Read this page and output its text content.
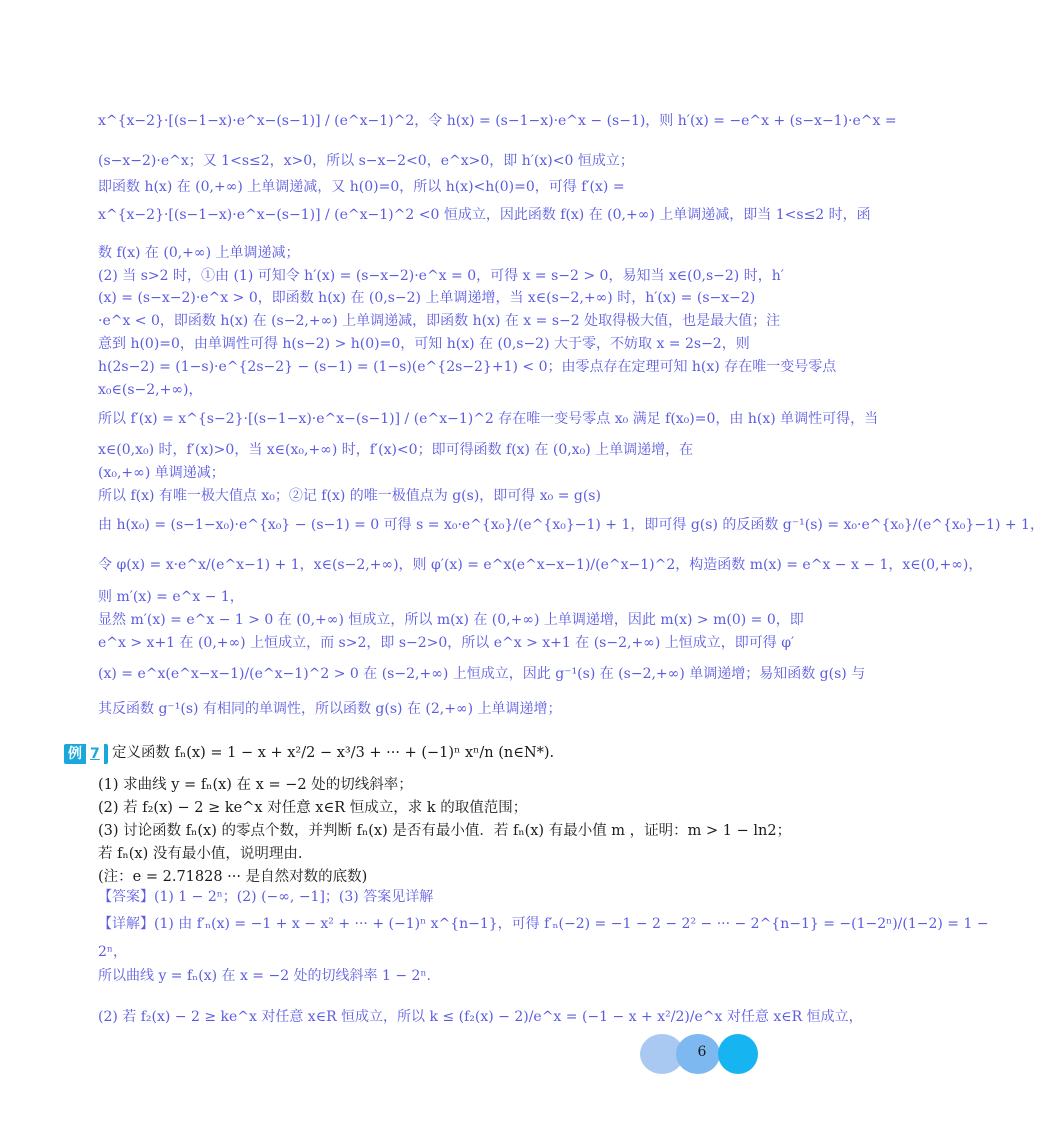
x^{x−2}·[(s−1−x)·e^x−(s−1)] / (e^x−1)^2，令 h(x) = (s−1−x)·e^x − (s−1)，则 h′(x) = −e^x + (s−x−1)·e^x =
(s−x−2)·e^x；又 1<s≤2，x>0，所以 s−x−2<0，e^x>0，即 h′(x)<0 恒成立；
即函数 h(x) 在 (0,+∞) 上单调递减，又 h(0)=0，所以 h(x)<h(0)=0，可得 f′(x) =
x^{x−2}·[(s−1−x)·e^x−(s−1)] / (e^x−1)^2 <0 恒成立，因此函数 f(x) 在 (0,+∞) 上单调递减，即当 1<s≤2 时，函
数 f(x) 在 (0,+∞) 上单调递减；
(2) 当 s>2 时，①由 (1) 可知令 h′(x) = (s−x−2)·e^x = 0，可得 x = s−2 > 0，易知当 x∈(0,s−2) 时，h′
(x) = (s−x−2)·e^x > 0，即函数 h(x) 在 (0,s−2) 上单调递增，当 x∈(s−2,+∞) 时，h′(x) = (s−x−2)
·e^x < 0，即函数 h(x) 在 (s−2,+∞) 上单调递减，即函数 h(x) 在 x = s−2 处取得极大值，也是最大值；注
意到 h(0)=0，由单调性可得 h(s−2) > h(0)=0，可知 h(x) 在 (0,s−2) 大于零，不妨取 x = 2s−2，则
h(2s−2) = (1−s)·e^{2s−2} − (s−1) = (1−s)(e^{2s−2}+1) < 0；由零点存在定理可知 h(x) 存在唯一变号零点
x₀∈(s−2,+∞)，
所以 f′(x) = x^{s−2}·[(s−1−x)·e^x−(s−1)] / (e^x−1)^2 存在唯一变号零点 x₀ 满足 f(x₀)=0，由 h(x) 单调性可得，当
x∈(0,x₀) 时，f′(x)>0，当 x∈(x₀,+∞) 时，f′(x)<0；即可得函数 f(x) 在 (0,x₀) 上单调递增，在
(x₀,+∞) 单调递减；
所以 f(x) 有唯一极大值点 x₀；②记 f(x) 的唯一极值点为 g(s)，即可得 x₀ = g(s)
由 h(x₀) = (s−1−x₀)·e^{x₀} − (s−1) = 0 可得 s = x₀·e^{x₀}/(e^{x₀}−1) + 1，即可得 g(s) 的反函数 g⁻¹(s) = x₀·e^{x₀}/(e^{x₀}−1) + 1，
令 φ(x) = x·e^x/(e^x−1) + 1，x∈(s−2,+∞)，则 φ′(x) = e^x(e^x−x−1)/(e^x−1)^2，构造函数 m(x) = e^x − x − 1，x∈(0,+∞)，
则 m′(x) = e^x − 1，
显然 m′(x) = e^x − 1 > 0 在 (0,+∞) 恒成立，所以 m(x) 在 (0,+∞) 上单调递增，因此 m(x) > m(0) = 0，即
e^x > x+1 在 (0,+∞) 上恒成立，而 s>2，即 s−2>0，所以 e^x > x+1 在 (s−2,+∞) 上恒成立，即可得 φ′
(x) = e^x(e^x−x−1)/(e^x−1)^2 > 0 在 (s−2,+∞) 上恒成立，因此 g⁻¹(s) 在 (s−2,+∞) 单调递增；易知函数 g(s) 与
其反函数 g⁻¹(s) 有相同的单调性，所以函数 g(s) 在 (2,+∞) 上单调递增；
例 7 定义函数 fₙ(x) = 1 − x + x²/2 − x³/3 + ··· + (−1)ⁿ xⁿ/n (n∈N*).
(1) 求曲线 y = fₙ(x) 在 x = −2 处的切线斜率；
(2) 若 f₂(x) − 2 ≥ ke^x 对任意 x∈R 恒成立，求 k 的取值范围；
(3) 讨论函数 fₙ(x) 的零点个数，并判断 fₙ(x) 是否有最小值．若 fₙ(x) 有最小值 m ，证明：m > 1 − ln2；
若 fₙ(x) 没有最小值，说明理由.
(注：e = 2.71828 ··· 是自然对数的底数)
【答案】(1) 1 − 2ⁿ；(2) (−∞, −1]；(3) 答案见详解
【详解】(1) 由 f′ₙ(x) = −1 + x − x² + ··· + (−1)ⁿ x^{n−1}，可得 f′ₙ(−2) = −1 − 2 − 2² − ··· − 2^{n−1} = −(1−2ⁿ)/(1−2) = 1 −
2ⁿ，
所以曲线 y = fₙ(x) 在 x = −2 处的切线斜率 1 − 2ⁿ.
(2) 若 f₂(x) − 2 ≥ ke^x 对任意 x∈R 恒成立，所以 k ≤ (f₂(x) − 2)/e^x = (−1 − x + x²/2)/e^x 对任意 x∈R 恒成立，
6
